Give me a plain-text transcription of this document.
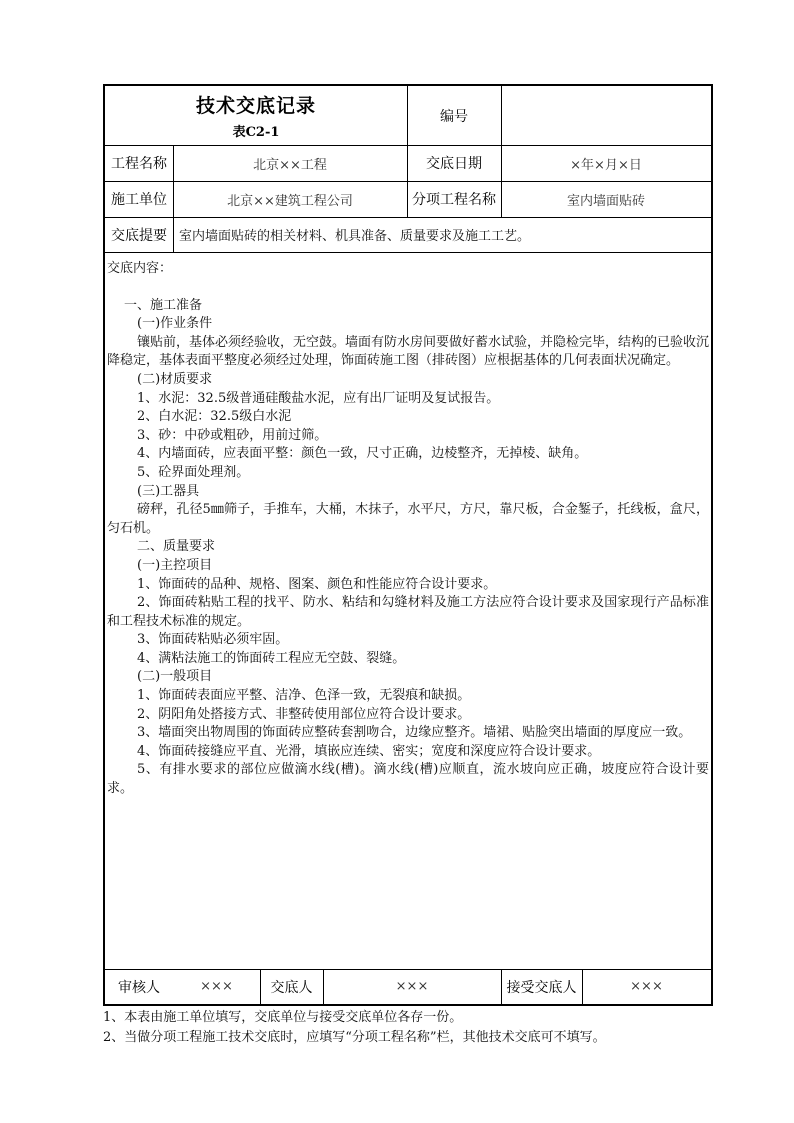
技术交底记录
表C2-1
编号
工程名称	北京××工程	交底日期	×年×月×日
施工单位	北京××建筑工程公司	分项工程名称	室内墙面贴砖
交底提要 室内墙面贴砖的相关材料、机具准备、质量要求及施工工艺。
交底内容：

一、施工准备

(一)作业条件

镶贴前，基体必须经验收，无空鼓。墙面有防水房间要做好蓄水试验，并隐检完毕，结构的已验收沉降稳定，基体表面平整度必须经过处理，饰面砖施工图（排砖图）应根据基体的几何表面状况确定。

(二)材质要求

1、水泥：32.5级普通硅酸盐水泥，应有出厂证明及复试报告。

2、白水泥：32.5级白水泥

3、砂：中砂或粗砂，用前过筛。

4、内墙面砖，应表面平整：颜色一致，尺寸正确，边棱整齐，无掉棱、缺角。

5、砼界面处理剂。

(三)工器具

磅秤，孔径5㎜筛子，手推车，大桶，木抹子，水平尺，方尺，靠尺板，合金錾子，托线板，盒尺，匀石机。

二、质量要求

(一)主控项目

1、饰面砖的品种、规格、图案、颜色和性能应符合设计要求。

2、饰面砖粘贴工程的找平、防水、粘结和勾缝材料及施工方法应符合设计要求及国家现行产品标准和工程技术标准的规定。

3、饰面砖粘贴必须牢固。

4、满粘法施工的饰面砖工程应无空鼓、裂缝。

(二)一般项目

1、饰面砖表面应平整、洁净、色泽一致，无裂痕和缺损。

2、阴阳角处搭接方式、非整砖使用部位应符合设计要求。

3、墙面突出物周围的饰面砖应整砖套割吻合，边缘应整齐。墙裙、贴脸突出墙面的厚度应一致。

4、饰面砖接缝应平直、光滑，填嵌应连续、密实；宽度和深度应符合设计要求。

5、有排水要求的部位应做滴水线(槽)。滴水线(槽)应顺直，流水坡向应正确，坡度应符合设计要求。

审核人	×××	交底人	×××	接受交底人	×××

1、本表由施工单位填写，交底单位与接受交底单位各存一份。

2、当做分项工程施工技术交底时，应填写“分项工程名称”栏，其他技术交底可不填写。
